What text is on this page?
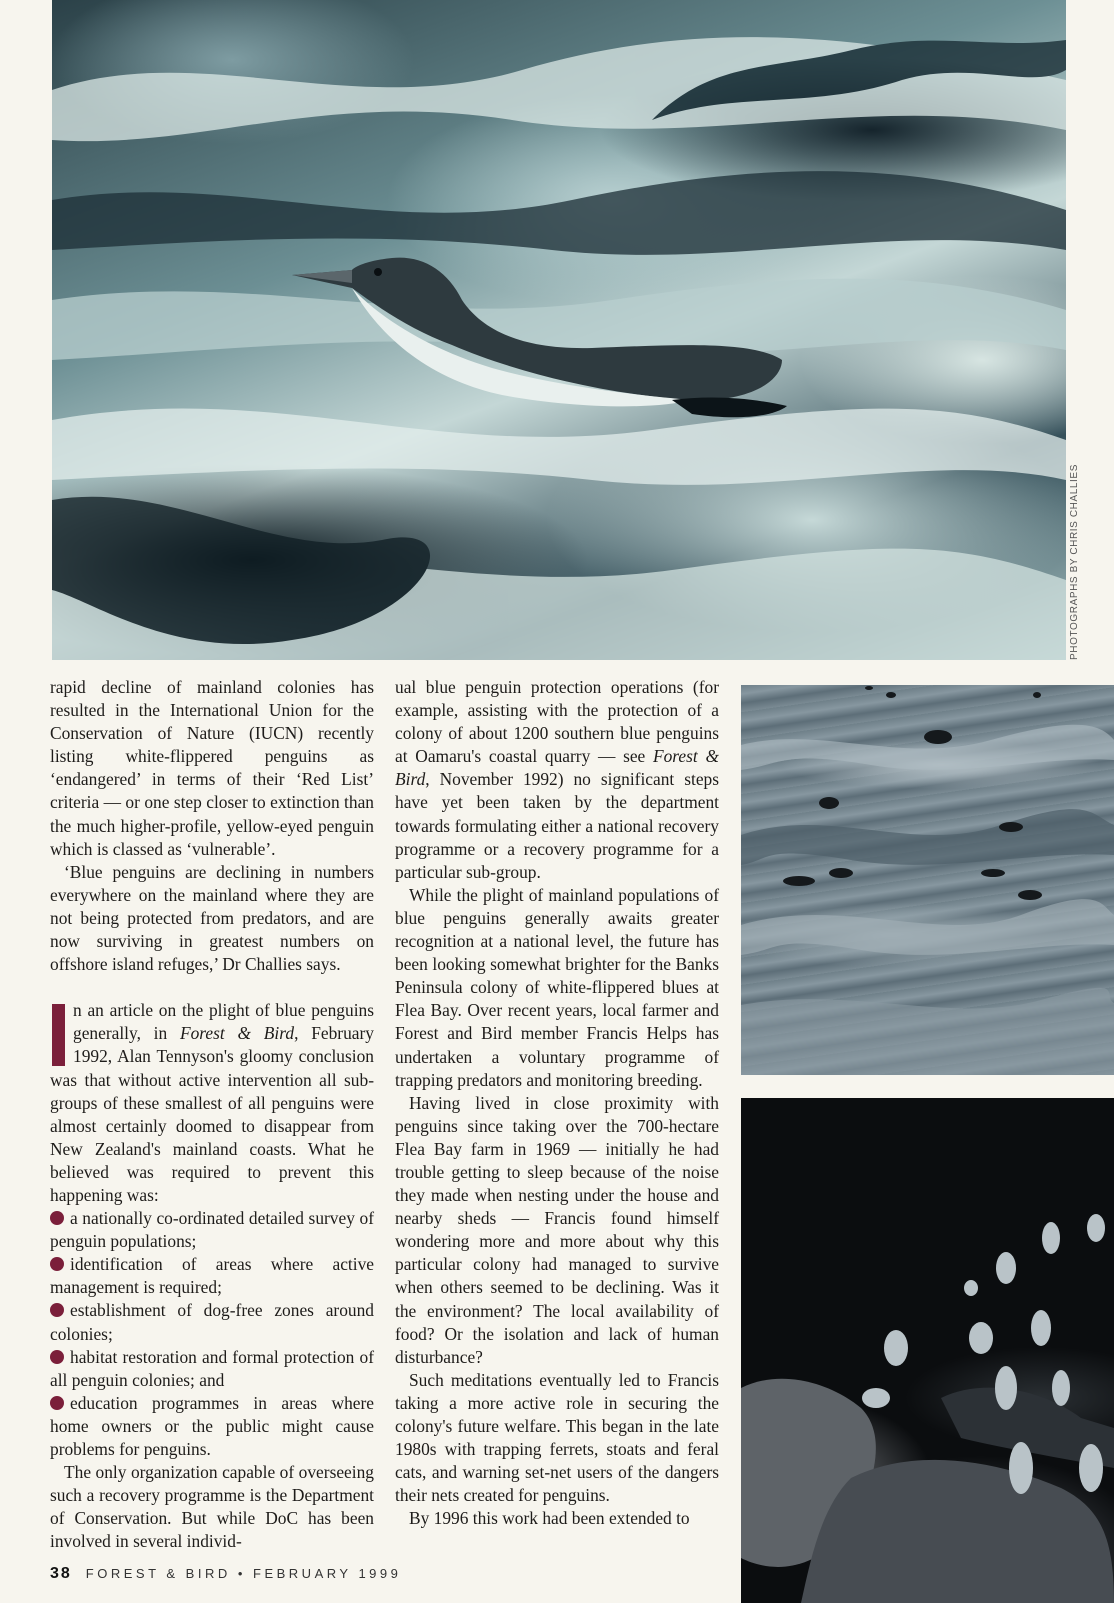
PHOTOGRAPHS BY CHRIS CHALLIES

rapid decline of mainland colonies has resulted in the International Union for the Conservation of Nature (IUCN) recently listing white-flippered penguins as ‘endangered’ in terms of their ‘Red List’ criteria — or one step closer to extinction than the much higher-profile, yellow-eyed penguin which is classed as ‘vulnerable’.

‘Blue penguins are declining in numbers everywhere on the mainland where they are not being protected from predators, and are now surviving in greatest numbers on offshore island refuges,’ Dr Challies says.

n an article on the plight of blue penguins generally, in Forest & Bird, February 1992, Alan Tennyson's gloomy conclusion was that without active intervention all sub-groups of these smallest of all penguins were almost certainly doomed to disappear from New Zealand's mainland coasts. What he believed was required to prevent this happening was:

a nationally co-ordinated detailed survey of penguin populations;

identification of areas where active management is required;

establishment of dog-free zones around colonies;

habitat restoration and formal protection of all penguin colonies; and

education programmes in areas where home owners or the public might cause problems for penguins.

The only organization capable of overseeing such a recovery programme is the Department of Conservation. But while DoC has been involved in several individ-

ual blue penguin protection operations (for example, assisting with the protection of a colony of about 1200 southern blue penguins at Oamaru's coastal quarry — see Forest & Bird, November 1992) no significant steps have yet been taken by the department towards formulating either a national recovery programme or a recovery programme for a particular sub-group.

While the plight of mainland populations of blue penguins generally awaits greater recognition at a national level, the future has been looking somewhat brighter for the Banks Peninsula colony of white-flippered blues at Flea Bay. Over recent years, local farmer and Forest and Bird member Francis Helps has undertaken a voluntary programme of trapping predators and monitoring breeding.

Having lived in close proximity with penguins since taking over the 700-hectare Flea Bay farm in 1969 — initially he had trouble getting to sleep because of the noise they made when nesting under the house and nearby sheds — Francis found himself wondering more and more about why this particular colony had managed to survive when others seemed to be declining. Was it the environment? The local availability of food? Or the isolation and lack of human disturbance?

Such meditations eventually led to Francis taking a more active role in securing the colony's future welfare. This began in the late 1980s with trapping ferrets, stoats and feral cats, and warning set-net users of the dangers their nets created for penguins.

By 1996 this work had been extended to

38 FOREST & BIRD • FEBRUARY 1999
